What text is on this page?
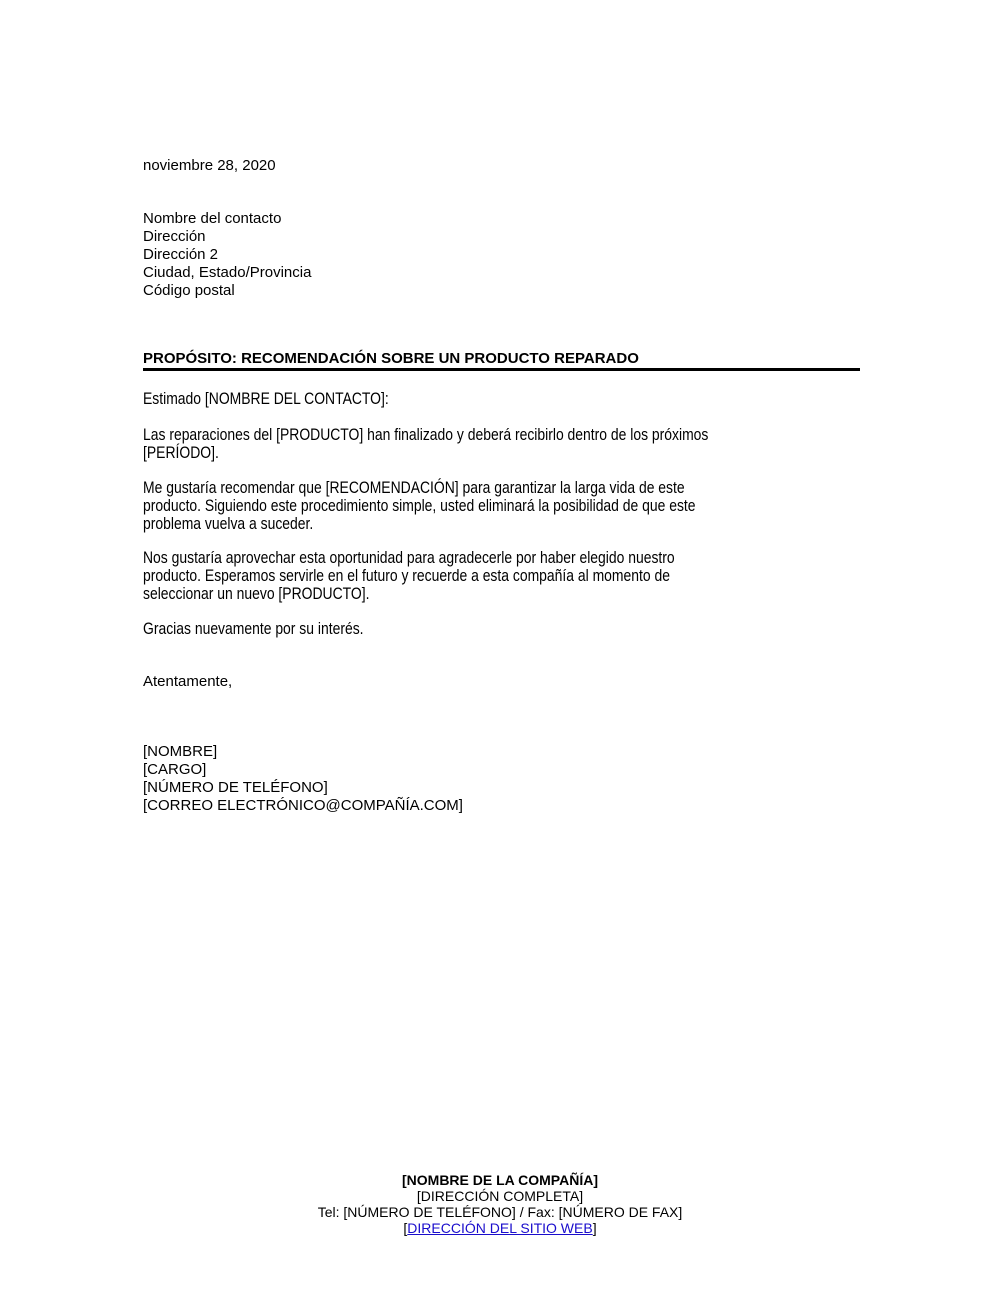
noviembre 28, 2020
Nombre del contacto
Dirección
Dirección 2
Ciudad, Estado/Provincia
Código postal
PROPÓSITO: RECOMENDACIÓN SOBRE UN PRODUCTO REPARADO
Estimado [NOMBRE DEL CONTACTO]:
Las reparaciones del [PRODUCTO] han finalizado y deberá recibirlo dentro de los próximos
[PERÍODO].
Me gustaría recomendar que [RECOMENDACIÓN] para garantizar la larga vida de este
producto. Siguiendo este procedimiento simple, usted eliminará la posibilidad de que este
problema vuelva a suceder.
Nos gustaría aprovechar esta oportunidad para agradecerle por haber elegido nuestro
producto. Esperamos servirle en el futuro y recuerde a esta compañía al momento de
seleccionar un nuevo [PRODUCTO].
Gracias nuevamente por su interés.
Atentamente,
[NOMBRE]
[CARGO]
[NÚMERO DE TELÉFONO]
[CORREO ELECTRÓNICO@COMPAÑÍA.COM]
[NOMBRE DE LA COMPAÑÍA]
[DIRECCIÓN COMPLETA]
Tel: [NÚMERO DE TELÉFONO] / Fax: [NÚMERO DE FAX]
[DIRECCIÓN DEL SITIO WEB]
